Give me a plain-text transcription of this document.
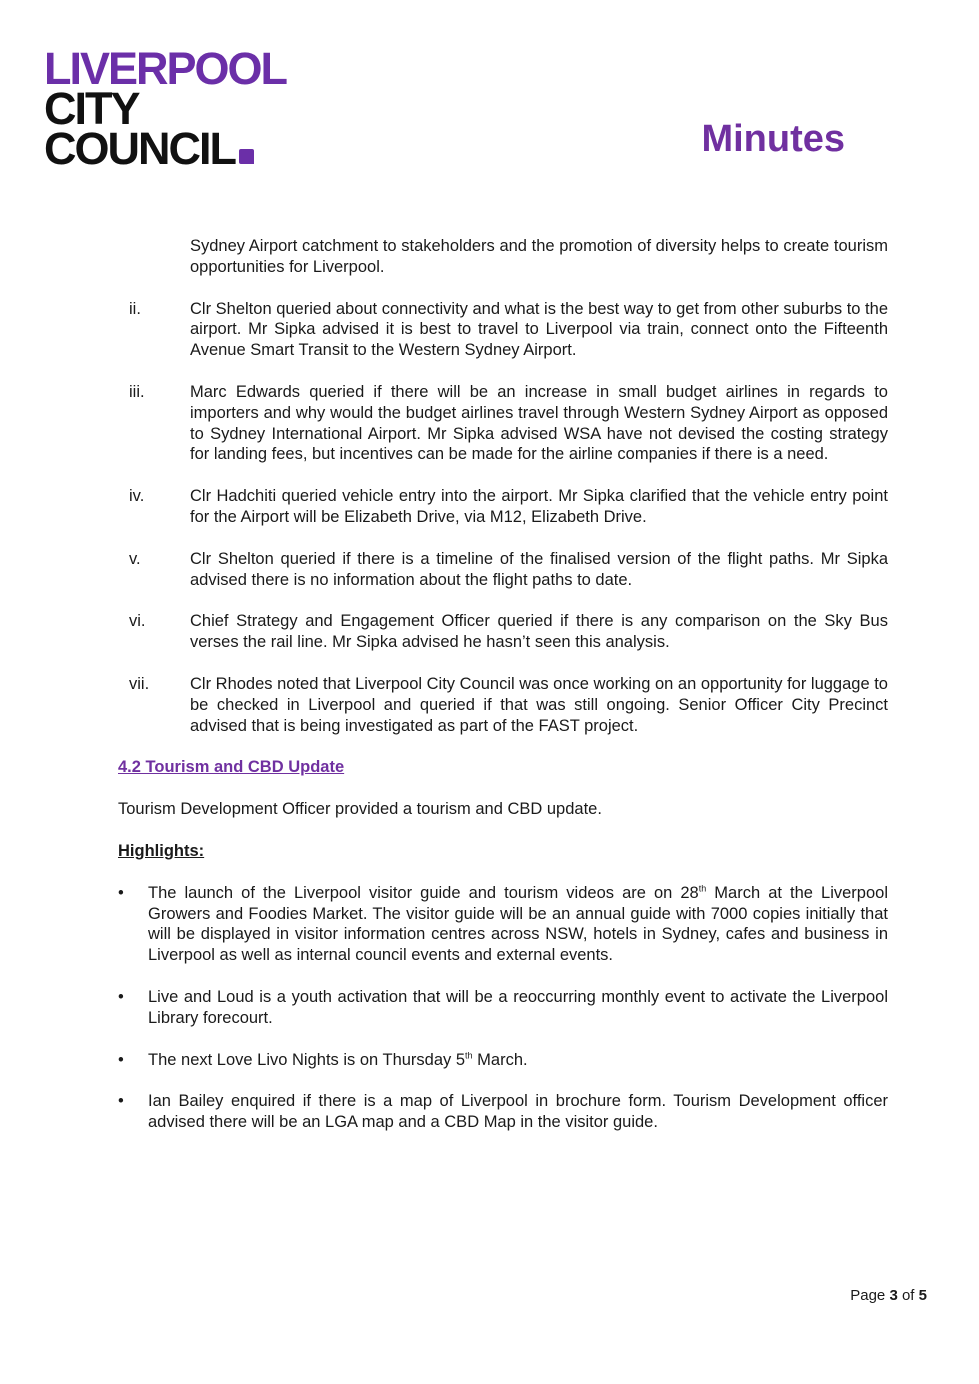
LIVERPOOL
CITY
COUNCIL	Minutes
Sydney Airport catchment to stakeholders and the promotion of diversity helps to create tourism opportunities for Liverpool.
ii.	Clr Shelton queried about connectivity and what is the best way to get from other suburbs to the airport. Mr Sipka advised it is best to travel to Liverpool via train, connect onto the Fifteenth Avenue Smart Transit to the Western Sydney Airport.
iii.	Marc Edwards queried if there will be an increase in small budget airlines in regards to importers and why would the budget airlines travel through Western Sydney Airport as opposed to Sydney International Airport. Mr Sipka advised WSA have not devised the costing strategy for landing fees, but incentives can be made for the airline companies if there is a need.
iv.	Clr Hadchiti queried vehicle entry into the airport. Mr Sipka clarified that the vehicle entry point for the Airport will be Elizabeth Drive, via M12, Elizabeth Drive.
v.	Clr Shelton queried if there is a timeline of the finalised version of the flight paths. Mr Sipka advised there is no information about the flight paths to date.
vi.	Chief Strategy and Engagement Officer queried if there is any comparison on the Sky Bus verses the rail line. Mr Sipka advised he hasn’t seen this analysis.
vii.	Clr Rhodes noted that Liverpool City Council was once working on an opportunity for luggage to be checked in Liverpool and queried if that was still ongoing. Senior Officer City Precinct advised that is being investigated as part of the FAST project.
4.2 Tourism and CBD Update
Tourism Development Officer provided a tourism and CBD update.
Highlights:
•	The launch of the Liverpool visitor guide and tourism videos are on 28th March at the Liverpool Growers and Foodies Market. The visitor guide will be an annual guide with 7000 copies initially that will be displayed in visitor information centres across NSW, hotels in Sydney, cafes and business in Liverpool as well as internal council events and external events.
•	Live and Loud is a youth activation that will be a reoccurring monthly event to activate the Liverpool Library forecourt.
•	The next Love Livo Nights is on Thursday 5th March.
•	Ian Bailey enquired if there is a map of Liverpool in brochure form. Tourism Development officer advised there will be an LGA map and a CBD Map in the visitor guide.
Page 3 of 5
